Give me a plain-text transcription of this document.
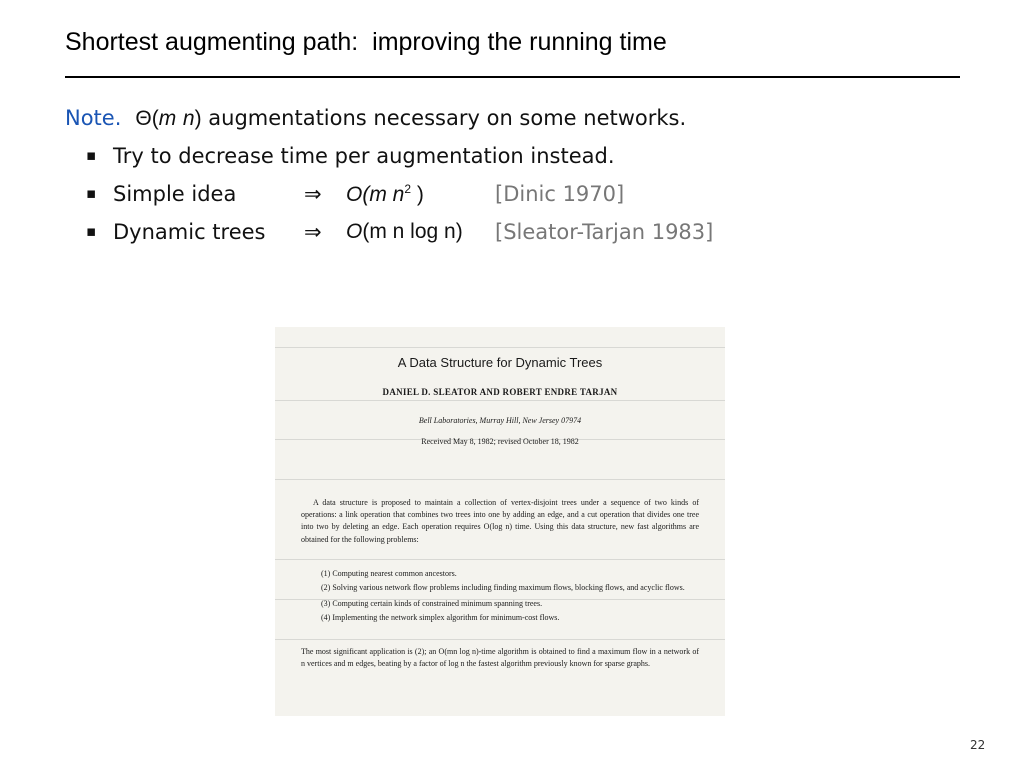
Shortest augmenting path:  improving the running time
Note. Θ(m n) augmentations necessary on some networks.
▪ Try to decrease time per augmentation instead.
▪ Simple idea	⇒ O(m $n^2$ )	[Dinic 1970]
▪ Dynamic trees ⇒ O(m n log n) [Sleator-Tarjan 1983]
A Data Structure for Dynamic Trees
DANIEL D. SLEATOR AND ROBERT ENDRE TARJAN
Bell Laboratories, Murray Hill, New Jersey 07974
Received May 8, 1982; revised October 18, 1982
A data structure is proposed to maintain a collection of vertex-disjoint trees under a sequence of two kinds of operations: a link operation that combines two trees into one by adding an edge, and a cut operation that divides one tree into two by deleting an edge. Each operation requires O(log n) time. Using this data structure, new fast algorithms are obtained for the following problems:
(1) Computing nearest common ancestors.
(2) Solving various network flow problems including finding maximum flows, blocking flows, and acyclic flows.
(3) Computing certain kinds of constrained minimum spanning trees.
(4) Implementing the network simplex algorithm for minimum-cost flows.
The most significant application is (2); an O(mn log n)-time algorithm is obtained to find a maximum flow in a network of n vertices and m edges, beating by a factor of log n the fastest algorithm previously known for sparse graphs.
22
